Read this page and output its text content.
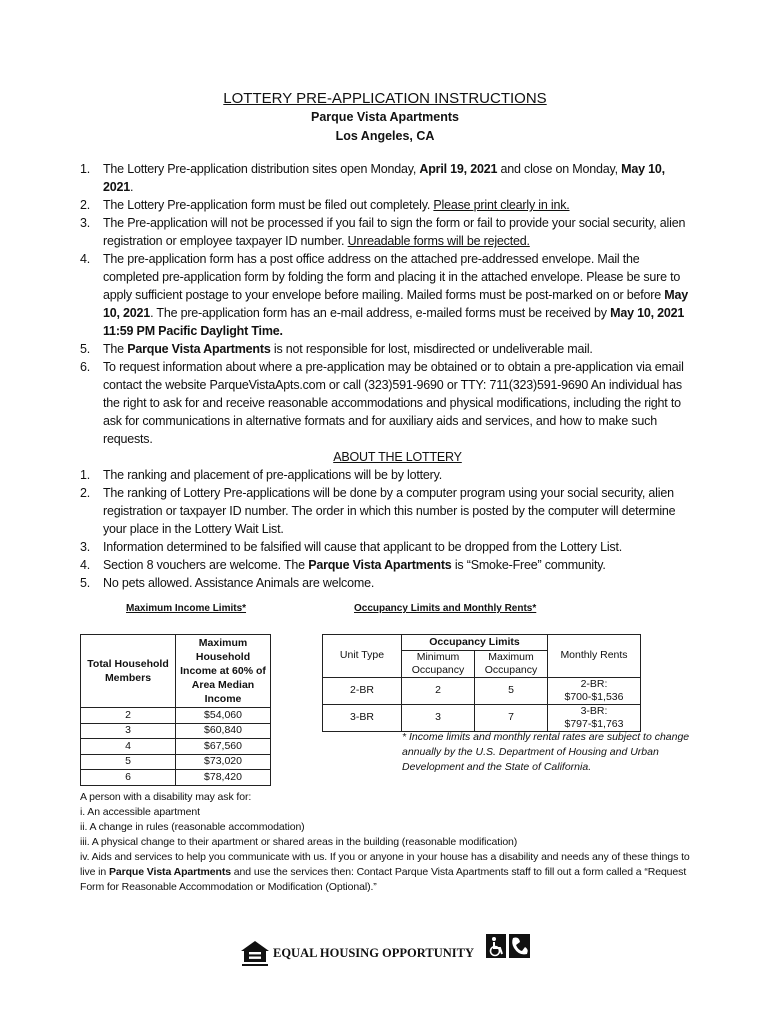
LOTTERY PRE-APPLICATION INSTRUCTIONS
Parque Vista Apartments
Los Angeles, CA
1.	The Lottery Pre-application distribution sites open Monday, April 19, 2021 and close on Monday, May 10, 2021.
2.	The Lottery Pre-application form must be filed out completely. Please print clearly in ink.
3.	The Pre-application will not be processed if you fail to sign the form or fail to provide your social security, alien registration or employee taxpayer ID number. Unreadable forms will be rejected.
4.	The pre-application form has a post office address on the attached pre-addressed envelope. Mail the completed pre-application form by folding the form and placing it in the attached envelope. Please be sure to apply sufficient postage to your envelope before mailing. Mailed forms must be post-marked on or before May 10, 2021. The pre-application form has an e-mail address, e-mailed forms must be received by May 10, 2021 11:59 PM Pacific Daylight Time.
5.	The Parque Vista Apartments is not responsible for lost, misdirected or undeliverable mail.
6.	To request information about where a pre-application may be obtained or to obtain a pre-application via email contact the website ParqueVistaApts.com or call (323)591-9690 or TTY: 711(323)591-9690 An individual has the right to ask for and receive reasonable accommodations and physical modifications, including the right to ask for communications in alternative formats and for auxiliary aids and services, and how to make such requests.
ABOUT THE LOTTERY
1.	The ranking and placement of pre-applications will be by lottery.
2.	The ranking of Lottery Pre-applications will be done by a computer program using your social security, alien registration or taxpayer ID number. The order in which this number is posted by the computer will determine your place in the Lottery Wait List.
3.	Information determined to be falsified will cause that applicant to be dropped from the Lottery List.
4.	Section 8 vouchers are welcome. The Parque Vista Apartments is “Smoke-Free” community.
5.	No pets allowed. Assistance Animals are welcome.
Maximum Income Limits*	Occupancy Limits and Monthly Rents*
Total Household Members	Maximum Household Income at 60% of Area Median Income
2	$54,060
3	$60,840
4	$67,560
5	$73,020
6	$78,420
Unit Type	Occupancy Limits		Monthly Rents
	Minimum Occupancy	Maximum Occupancy	
2-BR	2	5	2-BR: $700-$1,536
3-BR	3	7	3-BR: $797-$1,763
* Income limits and monthly rental rates are subject to change annually by the U.S. Department of Housing and Urban Development and the State of California.
A person with a disability may ask for:
i. An accessible apartment
ii. A change in rules (reasonable accommodation)
iii. A physical change to their apartment or shared areas in the building (reasonable modification)
iv. Aids and services to help you communicate with us. If you or anyone in your house has a disability and needs any of these things to live in Parque Vista Apartments and use the services then: Contact Parque Vista Apartments staff to fill out a form called a “Request Form for Reasonable Accommodation or Modification (Optional).”
EQUAL HOUSING OPPORTUNITY
